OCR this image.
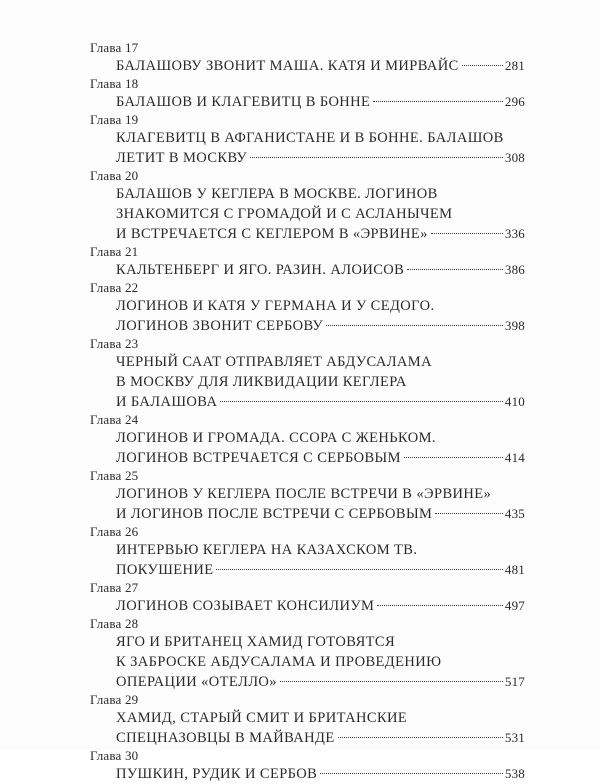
Глава 17
БАЛАШОВУ ЗВОНИТ МАША. КАТЯ И МИРВАЙС	281
Глава 18
БАЛАШОВ И КЛАГЕВИТЦ В БОННЕ	296
Глава 19
КЛАГЕВИТЦ В АФГАНИСТАНЕ И В БОННЕ. БАЛАШОВ
ЛЕТИТ В МОСКВУ	308
Глава 20
БАЛАШОВ У КЕГЛЕРА В МОСКВЕ. ЛОГИНОВ
ЗНАКОМИТСЯ С ГРОМАДОЙ И С АСЛАНЫЧЕМ
И ВСТРЕЧАЕТСЯ С КЕГЛЕРОМ В «ЭРВИНЕ»	336
Глава 21
КАЛЬТЕНБЕРГ И ЯГО. РАЗИН. АЛОИСОВ	386
Глава 22
ЛОГИНОВ И КАТЯ У ГЕРМАНА И У СЕДОГО.
ЛОГИНОВ ЗВОНИТ СЕРБОВУ	398
Глава 23
ЧЕРНЫЙ СААТ ОТПРАВЛЯЕТ АБДУСАЛАМА
В МОСКВУ ДЛЯ ЛИКВИДАЦИИ КЕГЛЕРА
И БАЛАШОВА	410
Глава 24
ЛОГИНОВ И ГРОМАДА. ССОРА С ЖЕНЬКОМ.
ЛОГИНОВ ВСТРЕЧАЕТСЯ С СЕРБОВЫМ	414
Глава 25
ЛОГИНОВ У КЕГЛЕРА ПОСЛЕ ВСТРЕЧИ В «ЭРВИНЕ»
И ЛОГИНОВ ПОСЛЕ ВСТРЕЧИ С СЕРБОВЫМ	435
Глава 26
ИНТЕРВЬЮ КЕГЛЕРА НА КАЗАХСКОМ ТВ.
ПОКУШЕНИЕ	481
Глава 27
ЛОГИНОВ СОЗЫВАЕТ КОНСИЛИУМ	497
Глава 28
ЯГО И БРИТАНЕЦ ХАМИД ГОТОВЯТСЯ
К ЗАБРОСКЕ АБДУСАЛАМА И ПРОВЕДЕНИЮ
ОПЕРАЦИИ «ОТЕЛЛО»	517
Глава 29
ХАМИД, СТАРЫЙ СМИТ И БРИТАНСКИЕ
СПЕЦНАЗОВЦЫ В МАЙВАНДЕ	531
Глава 30
ПУШКИН, РУДИК И СЕРБОВ	538
